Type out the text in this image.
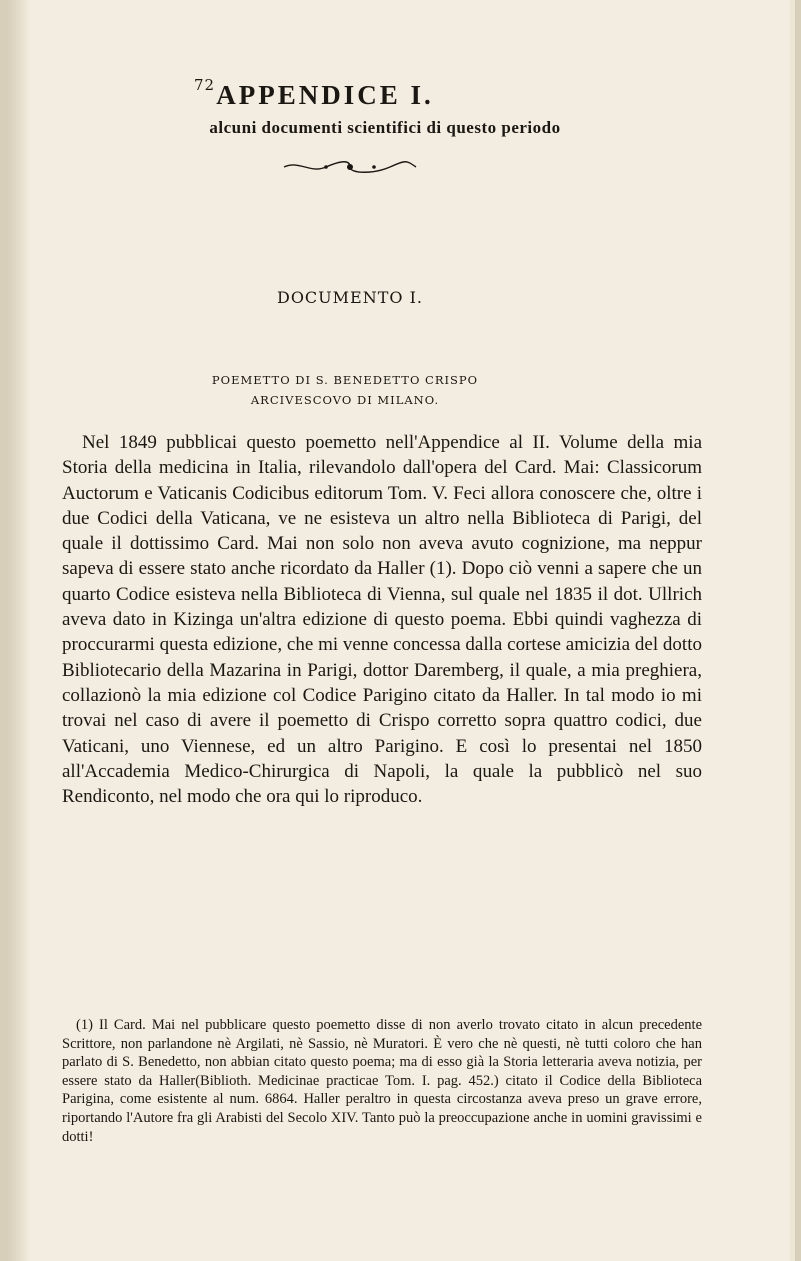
72 APPENDICE I.
alcuni documenti scientifici di questo periodo
DOCUMENTO I.
POEMETTO DI S. BENEDETTO CRISPO
ARCIVESCOVO DI MILANO.

Nel 1849 pubblicai questo poemetto nell'Appendice al II. Volume della mia Storia della medicina in Italia, rilevandolo dall'opera del Card. Mai: Classicorum Auctorum e Vaticanis Codicibus editorum Tom. V. Feci allora conoscere che, oltre i due Codici della Vaticana, ve ne esisteva un altro nella Biblioteca di Parigi, del quale il dottissimo Card. Mai non solo non aveva avuto cognizione, ma neppur sapeva di essere stato anche ricordato da Haller (1). Dopo ciò venni a sapere che un quarto Codice esisteva nella Biblioteca di Vienna, sul quale nel 1835 il dot. Ullrich aveva dato in Kizinga un'altra edizione di questo poema. Ebbi quindi vaghezza di proccurarmi questa edizione, che mi venne concessa dalla cortese amicizia del dotto Bibliotecario della Mazarina in Parigi, dottor Daremberg, il quale, a mia preghiera, collazionò la mia edizione col Codice Parigino citato da Haller. In tal modo io mi trovai nel caso di avere il poemetto di Crispo corretto sopra quattro codici, due Vaticani, uno Viennese, ed un altro Parigino. E così lo presentai nel 1850 all'Accademia Medico-Chirurgica di Napoli, la quale la pubblicò nel suo Rendiconto, nel modo che ora qui lo riproduco.

(1) Il Card. Mai nel pubblicare questo poemetto disse di non averlo trovato citato in alcun precedente Scrittore, non parlandone nè Argilati, nè Sassio, nè Muratori. È vero che nè questi, nè tutti coloro che han parlato di S. Benedetto, non abbian citato questo poema; ma di esso già la Storia letteraria aveva notizia, per essere stato da Haller(Biblioth. Medicinae practicae Tom. I. pag. 452.) citato il Codice della Biblioteca Parigina, come esistente al num. 6864. Haller peraltro in questa circostanza aveva preso un grave errore, riportando l'Autore fra gli Arabisti del Secolo XIV. Tanto può la preoccupazione anche in uomini gravissimi e dotti!
